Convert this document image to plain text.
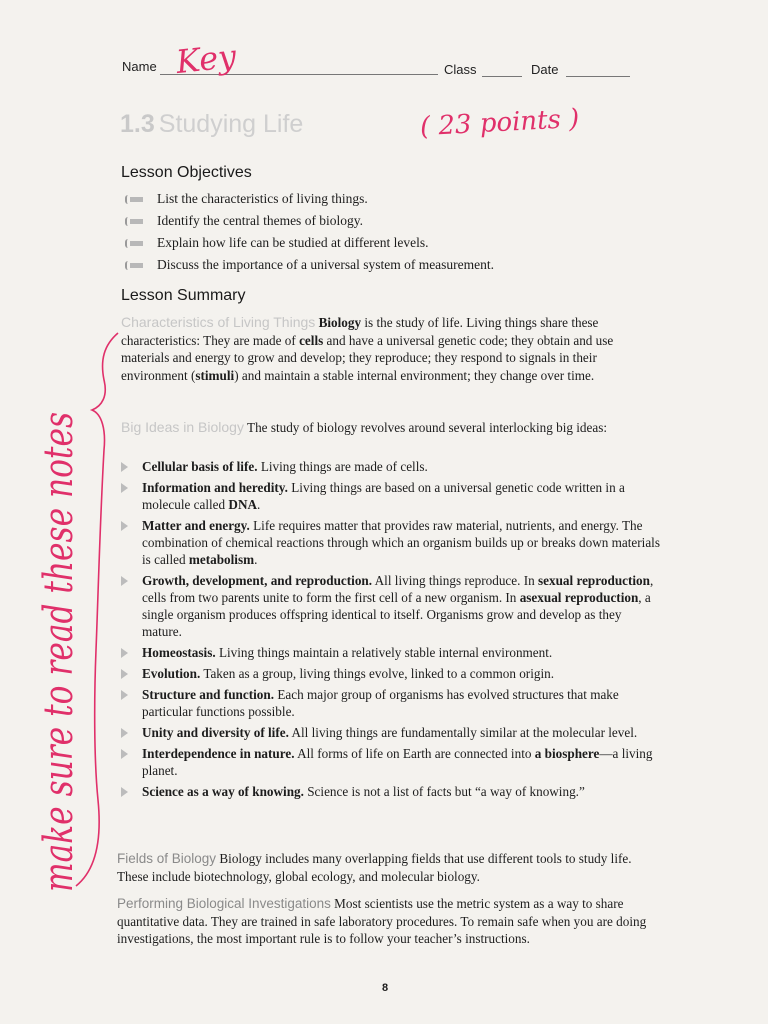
Name Key	Class	Date
1.3 Studying Life	( 23 points )
Lesson Objectives
List the characteristics of living things.
Identify the central themes of biology.
Explain how life can be studied at different levels.
Discuss the importance of a universal system of measurement.
Lesson Summary
Characteristics of Living Things Biology is the study of life. Living things share these characteristics: They are made of cells and have a universal genetic code; they obtain and use materials and energy to grow and develop; they reproduce; they respond to signals in their environment (stimuli) and maintain a stable internal environment; they change over time.
Big Ideas in Biology The study of biology revolves around several interlocking big ideas:
Cellular basis of life. Living things are made of cells.
Information and heredity. Living things are based on a universal genetic code written in a molecule called DNA.
Matter and energy. Life requires matter that provides raw material, nutrients, and energy. The combination of chemical reactions through which an organism builds up or breaks down materials is called metabolism.
Growth, development, and reproduction. All living things reproduce. In sexual reproduction, cells from two parents unite to form the first cell of a new organism. In asexual reproduction, a single organism produces offspring identical to itself. Organisms grow and develop as they mature.
Homeostasis. Living things maintain a relatively stable internal environment.
Evolution. Taken as a group, living things evolve, linked to a common origin.
Structure and function. Each major group of organisms has evolved structures that make particular functions possible.
Unity and diversity of life. All living things are fundamentally similar at the molecular level.
Interdependence in nature. All forms of life on Earth are connected into a biosphere—a living planet.
Science as a way of knowing. Science is not a list of facts but “a way of knowing.”
Fields of Biology Biology includes many overlapping fields that use different tools to study life. These include biotechnology, global ecology, and molecular biology.
Performing Biological Investigations Most scientists use the metric system as a way to share quantitative data. They are trained in safe laboratory procedures. To remain safe when you are doing investigations, the most important rule is to follow your teacher’s instructions.
8
make sure to read these notes
